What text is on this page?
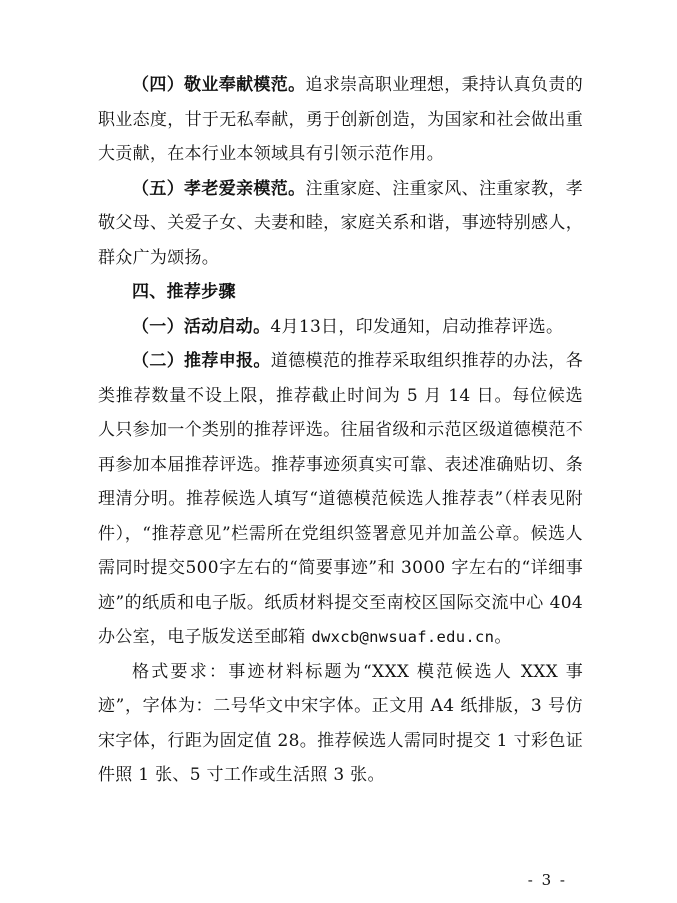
（四）敬业奉献模范。追求崇高职业理想，秉持认真负责的职业态度，甘于无私奉献，勇于创新创造，为国家和社会做出重大贡献，在本行业本领域具有引领示范作用。

（五）孝老爱亲模范。注重家庭、注重家风、注重家教，孝敬父母、关爱子女、夫妻和睦，家庭关系和谐，事迹特别感人，群众广为颂扬。

四、推荐步骤

（一）活动启动。4月13日，印发通知，启动推荐评选。

（二）推荐申报。道德模范的推荐采取组织推荐的办法，各类推荐数量不设上限，推荐截止时间为 5 月 14 日。每位候选人只参加一个类别的推荐评选。往届省级和示范区级道德模范不再参加本届推荐评选。推荐事迹须真实可靠、表述准确贴切、条理清分明。推荐候选人填写“道德模范候选人推荐表”（样表见附件），“推荐意见”栏需所在党组织签署意见并加盖公章。候选人需同时提交500字左右的“简要事迹”和 3000 字左右的“详细事迹”的纸质和电子版。纸质材料提交至南校区国际交流中心 404 办公室，电子版发送至邮箱 dwxcb@nwsuaf.edu.cn。

格式要求：事迹材料标题为“XXX 模范候选人 XXX 事迹”，字体为：二号华文中宋字体。正文用 A4 纸排版，3 号仿宋字体，行距为固定值 28。推荐候选人需同时提交 1 寸彩色证件照 1 张、5 寸工作或生活照 3 张。

- 3 -
